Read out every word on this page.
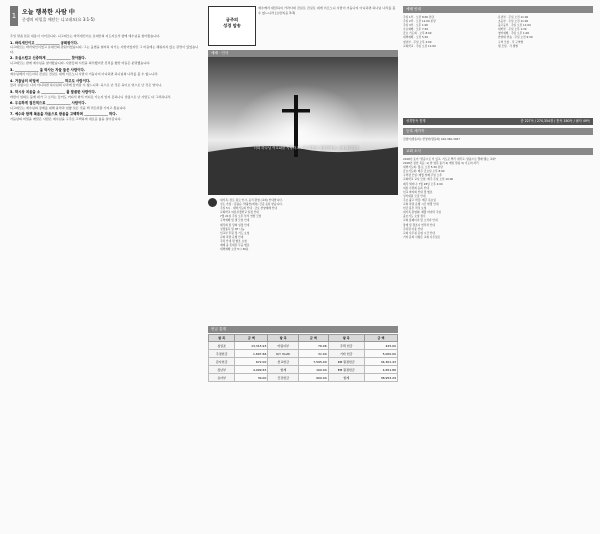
1 오늘 행복한 사람 中
중생의 비밀을 깨닫는 니고데모(요 3:1-5)
주일 말씀 본문 내용이 이어집니다. 니고데모는 바리새인이요 유대인의 지도자로서 밤에 예수님을 찾아왔습니다.
1. 바리새인이고 ______________ 공회원이다.
니고데모는 바리새인이었고 유대인의 관원이었습니다. 그는 율법을 철저히 지키는 사람이었지만 그 마음에는 채워지지 않는 갈망이 있었습니다.
2. 조심스럽고 신중하게 ______________ 찾아왔다.
니고데모는 밤에 예수님을 찾아왔습니다. 사람들의 시선을 의식했지만 진리를 향한 마음은 분명했습니다.
3. ______________ 을 막사는 자들 들은 사람이다.
예수님께서 이르시되 진실로 진실로 네게 이르노니 사람이 거듭나지 아니하면 하나님의 나라를 볼 수 없느니라.
4. 거듭남의 비밀에 ______________ 하고도 사람이다.
물과 성령으로 나지 아니하면 하나님의 나라에 들어갈 수 없느니라. 육으로 난 것은 육이요 영으로 난 것은 영이니.
5. 막시상 치음을 소 ______________ 를 말씀한 사람이다.
바람이 임의로 불매 네가 그 소리는 들어도 어디서 와서 어디로 가는지 알지 못하나니 성령으로 난 사람도 다 그러하니라.
6. 우유하게 접진적으로 ______________ 사람이다.
니고데모는 예수님의 장례를 위해 몰약과 침향 섞은 것을 백 리트라쯤 가지고 왔습니다.
7. 예수와 함께 복음을 자음으로 받음을 고백하며 ______________ 하다.
거듭남의 비밀을 깨달은 사람은 예수님을 구주로 고백하며 새로운 삶을 살아갑니다.
금주의
성경 암송
예수께서 대답하여 가라사대 진실로 진실로 네게 이르노니 사람이 거듭나지 아니하면 하나님 나라를 볼 수 없느니라 (요한복음 3:3)
예배 · 인사
너희 하나님 여호와를 사랑하고 그의 말씀을 청종하며 또 그에 의지하라
새가족: 장로 원로 인사, 공식 환영 (교회) 안내합니다.
성도 가정 : 김광순, 박광선(애복) 간증 등록 받습니다.
주일 5시 · 새벽기도회 안내 · 금요 찬양예배 안내
교회학교 여름성경학교 일정 안내
7월 21일 주일 오후 부서 연합 모임
구역예배 및 셀 모임 안내
제직회 및 당회 일정 안내
성경통독 및 QT 나눔
선교부 후원 및 기도 요청
교회 차량 운행 안내
주차 안내 및 협조 요청
예배 중 휴대폰 무음 협조
새벽예배 오전 5시 30분
헌금 통계
항 목	금 액	항 목	금 액	항 목	금 액
십일조	13,315.93	어린이부	76.06	주택 헌금	425.00
주정헌금	1,697.66	K/Y Youth	31.00	기타 헌금	5,000.00
감사헌금	672.00	선교헌금	7,595.00	KM 원정헌금	34,301.43
장년부	4,099.55	합계	100.00	EM 원정헌금	4,651.86
유아부	39.00	건강헌금	900.00	합계	38,953.29
예배 안내
주일 1부 · 오전 8:00 본당
주일 2부 · 오전 11:00 본당
주일 3부 · 오후 1:00
수요예배 · 오후 7:30
금요 기도회 · 오후 8:00
새벽예배 · 오전 5:30
청년부 · 주일 오후 2:00
교회학교 · 주일 오전 11:00
유년부 · 주일 오전 11:00
초등부 · 주일 오전 11:00
중고등부 · 주일 오전 11:00
대학부 · 주일 오후 1:30
영어예배 · 주일 오후 1:00
찬양대 연습 · 주일 오전 9:30
구역 모임 · 각 구역별
셀 모임 · 각 셀별
성경통독 통계	총 227독 / 270,354장 / 통독 180독 / 필사 49독
등록 새가족
김영미(방동희), 함영미(방동희) 410-340-3927
교회 소식
2018년 표어 "믿음으로 서 있고, 기도로 뿌리 내리고, 말씀으로 열매 맺는 교회"
2018년 실천 목표: 1) 한 영혼 품기 2) 매일 말씀 3) 기도의 자리
새벽기도회: 월-토 오전 5:30 본당
금요기도회: 매주 금요일 오후 8:00
구역장 모임: 매월 첫째 주일 오후
교회학교 교사 모임: 매주 주일 오전 10:00
제직 세미나: 7월 28일 오후 2:00
여름 수련회 등록 안내
선교 바자회 안내 및 협조
성가대원 모집 안내
주보 광고 마감: 매주 목요일
교회 차량 운행 시간 변경 안내
헌금 봉투 작성 요청
새가족 환영회: 매월 마지막 주일
중보기도 요청 접수
교회 홈페이지 및 소식지 안내
장례 및 경조사 연락처 안내
주차장 이용 안내
교회 사무실 운영 시간 안내
기타 문의 사항은 교회 사무실로
